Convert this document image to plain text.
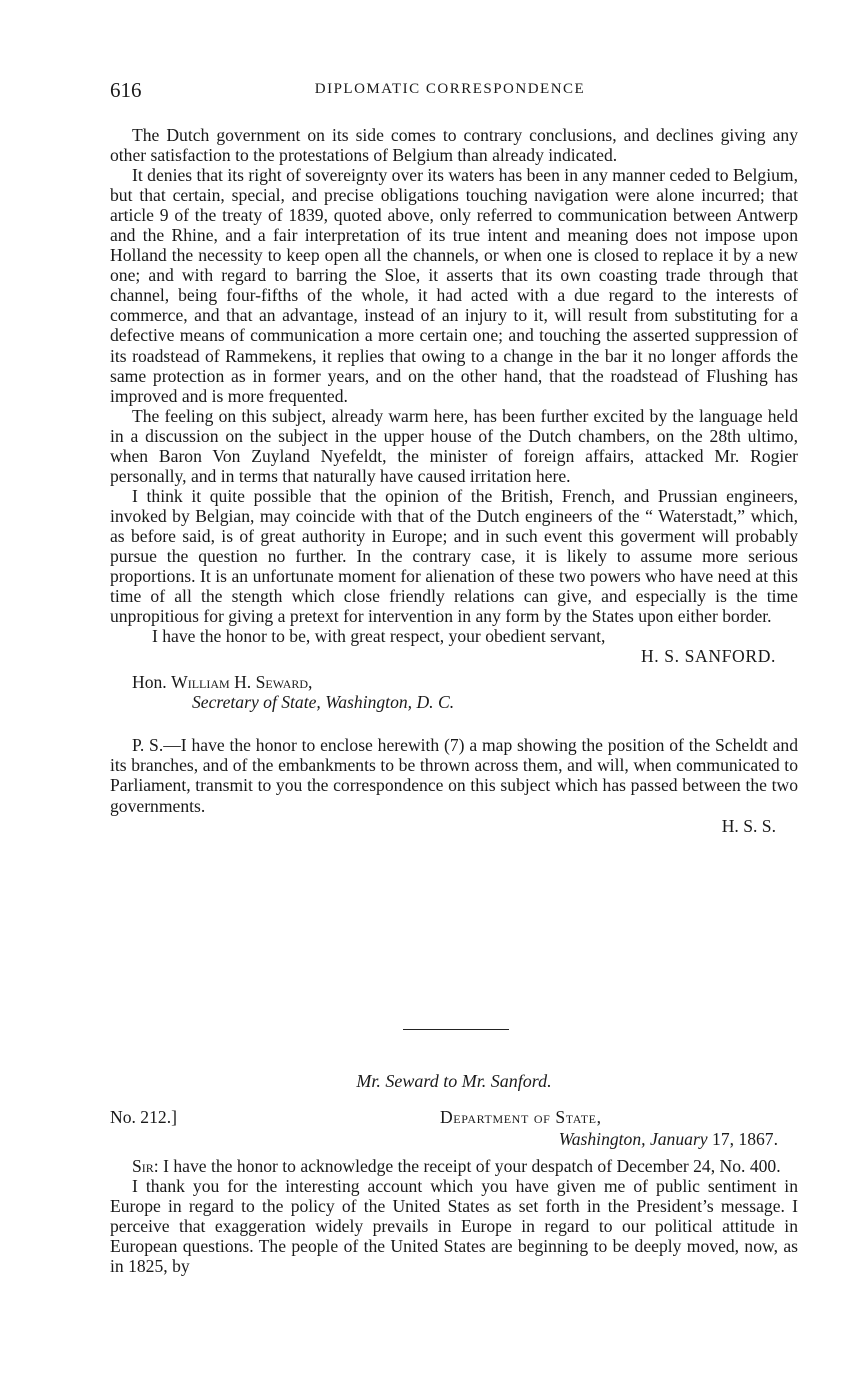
616	DIPLOMATIC CORRESPONDENCE

The Dutch government on its side comes to contrary conclusions, and declines giving any other satisfaction to the protestations of Belgium than already indicated.

It denies that its right of sovereignty over its waters has been in any manner ceded to Belgium, but that certain, special, and precise obligations touching navigation were alone incurred; that article 9 of the treaty of 1839, quoted above, only referred to communication between Antwerp and the Rhine, and a fair interpretation of its true intent and meaning does not impose upon Holland the necessity to keep open all the channels, or when one is closed to replace it by a new one; and with regard to barring the Sloe, it asserts that its own coasting trade through that channel, being four-fifths of the whole, it had acted with a due regard to the interests of commerce, and that an advantage, instead of an injury to it, will result from substituting for a defective means of communication a more certain one; and touching the asserted suppression of its roadstead of Rammekens, it replies that owing to a change in the bar it no longer affords the same protection as in former years, and on the other hand, that the roadstead of Flushing has improved and is more frequented.

The feeling on this subject, already warm here, has been further excited by the language held in a discussion on the subject in the upper house of the Dutch chambers, on the 28th ultimo, when Baron Von Zuyland Nyefeldt, the minister of foreign affairs, attacked Mr. Rogier personally, and in terms that naturally have caused irritation here.

I think it quite possible that the opinion of the British, French, and Prussian engineers, invoked by Belgian, may coincide with that of the Dutch engineers of the “ Waterstadt,” which, as before said, is of great authority in Europe; and in such event this goverment will probably pursue the question no further. In the contrary case, it is likely to assume more serious proportions. It is an unfortunate moment for alienation of these two powers who have need at this time of all the stength which close friendly relations can give, and especially is the time unpropitious for giving a pretext for intervention in any form by the States upon either border.

I have the honor to be, with great respect, your obedient servant,

H. S. SANFORD.

Hon. William H. Seward,

Secretary of State, Washington, D. C.

P. S.—I have the honor to enclose herewith (7) a map showing the position of the Scheldt and its branches, and of the embankments to be thrown across them, and will, when communicated to Parliament, transmit to you the correspondence on this subject which has passed between the two governments.

H. S. S.

Mr. Seward to Mr. Sanford.
No. 212.]	Department of State,
Washington, January 17, 1867.

Sir: I have the honor to acknowledge the receipt of your despatch of December 24, No. 400.

I thank you for the interesting account which you have given me of public sentiment in Europe in regard to the policy of the United States as set forth in the President’s message. I perceive that exaggeration widely prevails in Europe in regard to our political attitude in European questions. The people of the United States are beginning to be deeply moved, now, as in 1825, by
